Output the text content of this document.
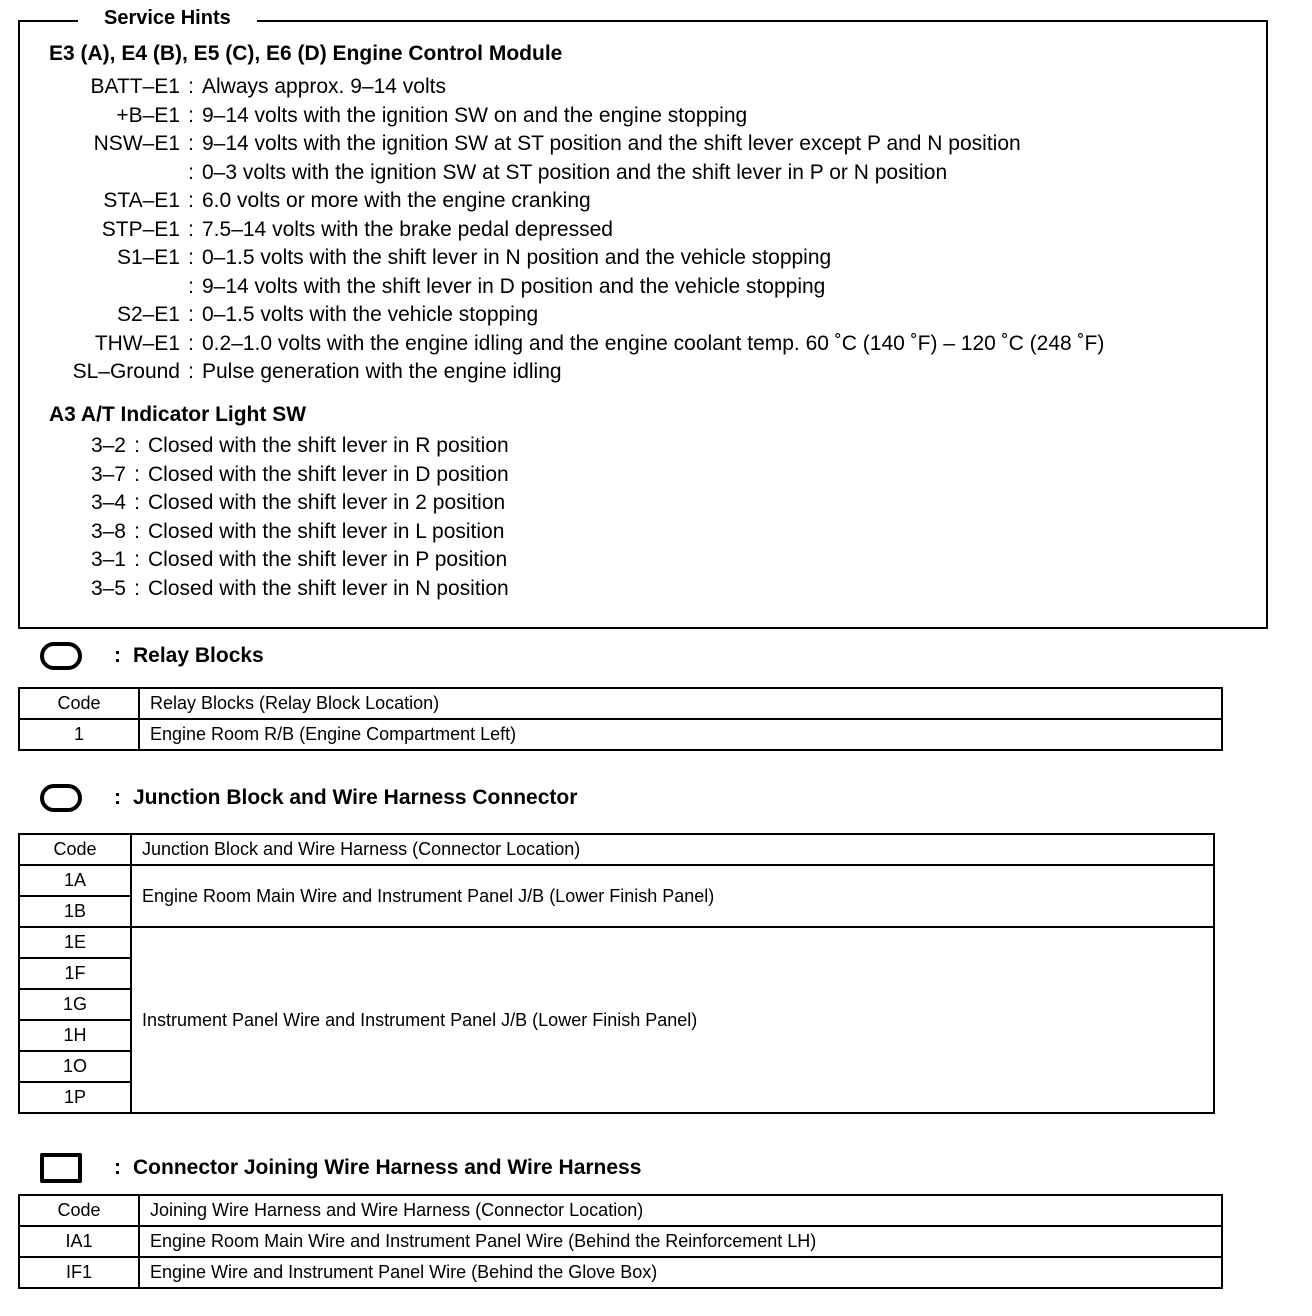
Service Hints
E3 (A), E4 (B), E5 (C), E6 (D) Engine Control Module
BATT–E1 : Always approx. 9–14 volts
+B–E1 : 9–14 volts with the ignition SW on and the engine stopping
NSW–E1 : 9–14 volts with the ignition SW at ST position and the shift lever except P and N position
: 0–3 volts with the ignition SW at ST position and the shift lever in P or N position
STA–E1 : 6.0 volts or more with the engine cranking
STP–E1 : 7.5–14 volts with the brake pedal depressed
S1–E1 : 0–1.5 volts with the shift lever in N position and the vehicle stopping
: 9–14 volts with the shift lever in D position and the vehicle stopping
S2–E1 : 0–1.5 volts with the vehicle stopping
THW–E1 : 0.2–1.0 volts with the engine idling and the engine coolant temp. 60 ˚C (140 ˚F) – 120 ˚C (248 ˚F)
SL–Ground : Pulse generation with the engine idling
A3 A/T Indicator Light SW
3–2 : Closed with the shift lever in R position
3–7 : Closed with the shift lever in D position
3–4 : Closed with the shift lever in 2 position
3–8 : Closed with the shift lever in L position
3–1 : Closed with the shift lever in P position
3–5 : Closed with the shift lever in N position
: Relay Blocks
Code	Relay Blocks (Relay Block Location)
1	Engine Room R/B (Engine Compartment Left)
: Junction Block and Wire Harness Connector
Code	Junction Block and Wire Harness (Connector Location)
1A	Engine Room Main Wire and Instrument Panel J/B (Lower Finish Panel)
1B	
1E	Instrument Panel Wire and Instrument Panel J/B (Lower Finish Panel)
1F	
1G	
1H	
1O	
1P	
: Connector Joining Wire Harness and Wire Harness
Code	Joining Wire Harness and Wire Harness (Connector Location)
IA1	Engine Room Main Wire and Instrument Panel Wire (Behind the Reinforcement LH)
IF1	Engine Wire and Instrument Panel Wire (Behind the Glove Box)
